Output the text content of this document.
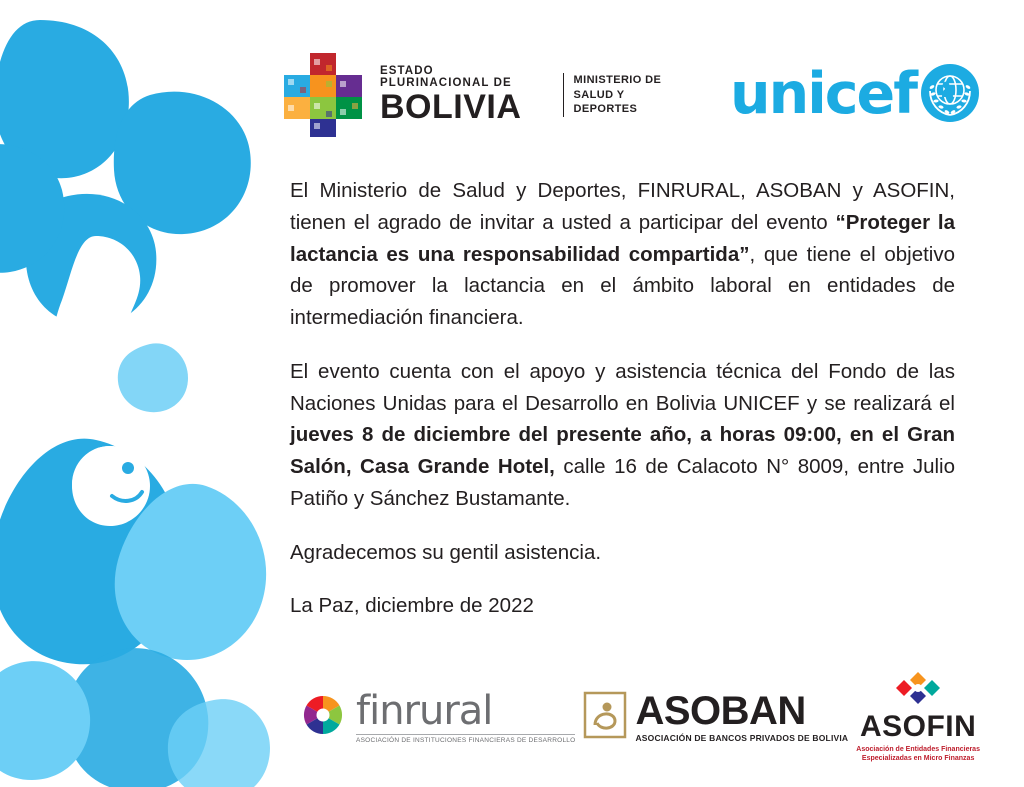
ESTADO PLURINACIONAL DE
BOLIVIA
MINISTERIO DE
SALUD Y DEPORTES	unicef

El Ministerio de Salud y Deportes, FINRURAL, ASOBAN y ASOFIN, tienen el agrado de invitar a usted a participar del evento “Proteger la lactancia es una responsabilidad compartida”, que tiene el objetivo de promover la lactancia en el ámbito laboral en entidades de intermediación financiera.

El evento cuenta con el apoyo y asistencia técnica del Fondo de las Naciones Unidas para el Desarrollo en Bolivia UNICEF y se realizará el jueves 8 de diciembre del presente año, a horas 09:00, en el Gran Salón, Casa Grande Hotel, calle 16 de Calacoto N° 8009, entre Julio Patiño y Sánchez Bustamante.

Agradecemos su gentil asistencia.

La Paz, diciembre de 2022

finrural
ASOCIACIÓN DE INSTITUCIONES FINANCIERAS DE DESARROLLO
ASOBAN
ASOCIACIÓN DE BANCOS PRIVADOS DE BOLIVIA ASOFIN
Asociación de Entidades Financieras
Especializadas en Micro Finanzas
